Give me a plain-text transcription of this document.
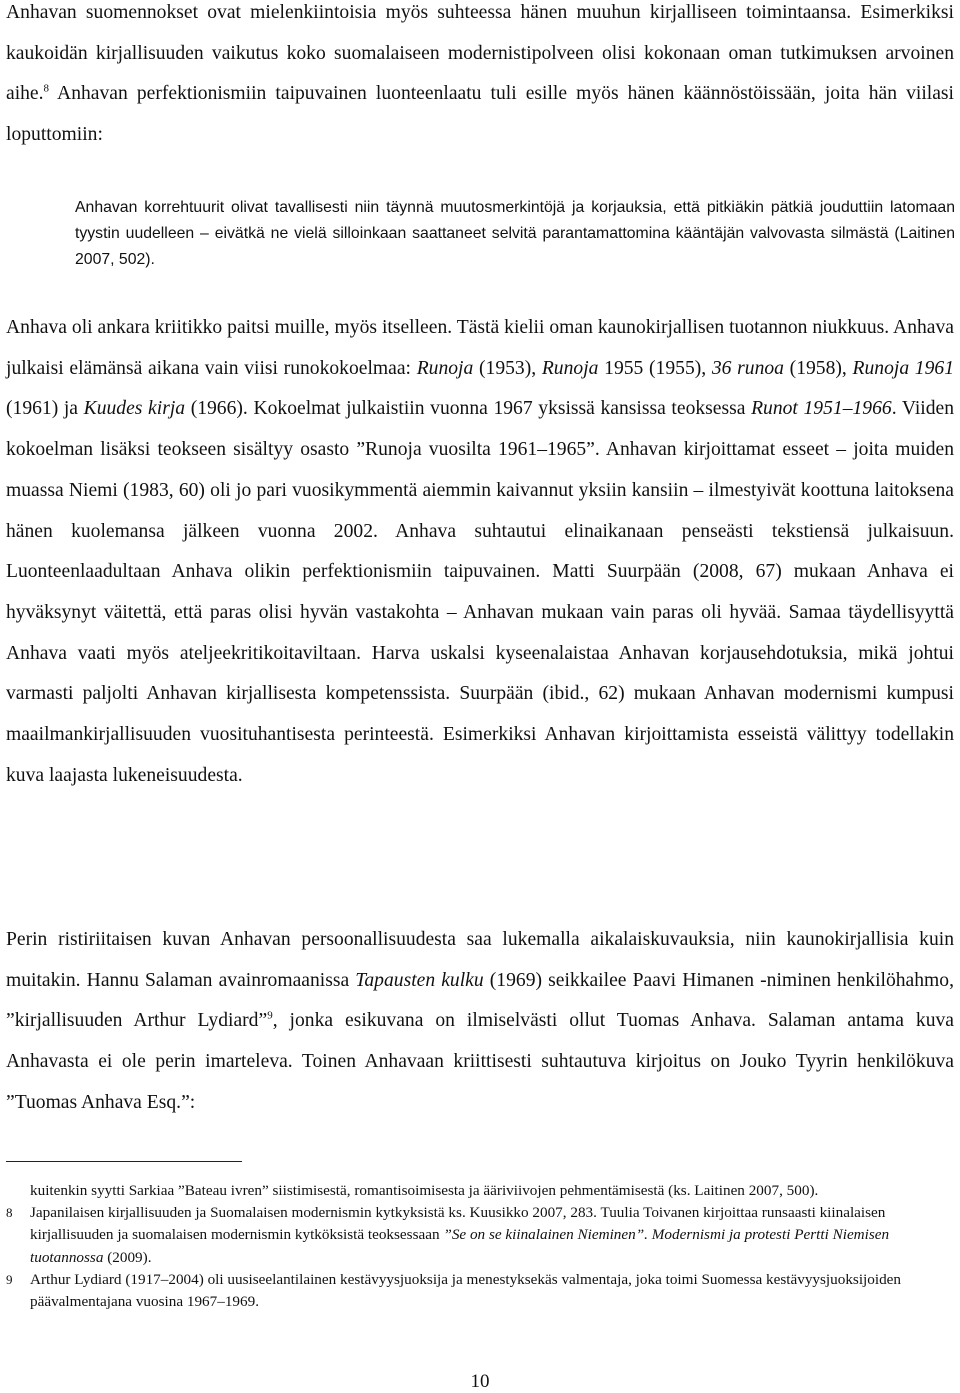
Anhavan suomennokset ovat mielenkiintoisia myös suhteessa hänen muuhun kirjalliseen toimintaansa. Esimerkiksi kaukoidän kirjallisuuden vaikutus koko suomalaiseen modernistipolveen olisi kokonaan oman tutkimuksen arvoinen aihe.$^8$ Anhavan perfektionismiin taipuvainen luonteenlaatu tuli esille myös hänen käännöstöissään, joita hän viilasi loputtomiin:

Anhavan korrehtuurit olivat tavallisesti niin täynnä muutosmerkintöjä ja korjauksia, että pitkiäkin pätkiä jouduttiin latomaan tyystin uudelleen – eivätkä ne vielä silloinkaan saattaneet selvitä parantamattomina kääntäjän valvovasta silmästä (Laitinen 2007, 502).

Anhava oli ankara kriitikko paitsi muille, myös itselleen. Tästä kielii oman kaunokirjallisen tuotannon niukkuus. Anhava julkaisi elämänsä aikana vain viisi runokokoelmaa: Runoja (1953), Runoja 1955 (1955), 36 runoa (1958), Runoja 1961 (1961) ja Kuudes kirja (1966). Kokoelmat julkaistiin vuonna 1967 yksissä kansissa teoksessa Runot 1951–1966. Viiden kokoelman lisäksi teokseen sisältyy osasto ”Runoja vuosilta 1961–1965”. Anhavan kirjoittamat esseet – joita muiden muassa Niemi (1983, 60) oli jo pari vuosikymmentä aiemmin kaivannut yksiin kansiin – ilmestyivät koottuna laitoksena hänen kuolemansa jälkeen vuonna 2002. Anhava suhtautui elinaikanaan penseästi tekstiensä julkaisuun. Luonteenlaadultaan Anhava olikin perfektionismiin taipuvainen. Matti Suurpään (2008, 67) mukaan Anhava ei hyväksynyt väitettä, että paras olisi hyvän vastakohta – Anhavan mukaan vain paras oli hyvää. Samaa täydellisyyttä Anhava vaati myös ateljeekritikoitaviltaan. Harva uskalsi kyseenalaistaa Anhavan korjausehdotuksia, mikä johtui varmasti paljolti Anhavan kirjallisesta kompetenssista. Suurpään (ibid., 62) mukaan Anhavan modernismi kumpusi maailmankirjallisuuden vuosituhantisesta perinteestä. Esimerkiksi Anhavan kirjoittamista esseistä välittyy todellakin kuva laajasta lukeneisuudesta.

Perin ristiriitaisen kuvan Anhavan persoonallisuudesta saa lukemalla aikalaiskuvauksia, niin kaunokirjallisia kuin muitakin. Hannu Salaman avainromaanissa Tapausten kulku (1969) seikkailee Paavi Himanen -niminen henkilöhahmo, ”kirjallisuuden Arthur Lydiard”$^9$, jonka esikuvana on ilmiselvästi ollut Tuomas Anhava. Salaman antama kuva Anhavasta ei ole perin imarteleva. Toinen Anhavaan kriittisesti suhtautuva kirjoitus on Jouko Tyyrin henkilökuva ”Tuomas Anhava Esq.”:

kuitenkin syytti Sarkiaa ”Bateau ivren” siistimisestä, romantisoimisesta ja ääriviivojen pehmentämisestä (ks. Laitinen 2007, 500).

8 Japanilaisen kirjallisuuden ja Suomalaisen modernismin kytkyksistä ks. Kuusikko 2007, 283. Tuulia Toivanen kirjoittaa runsaasti kiinalaisen kirjallisuuden ja suomalaisen modernismin kytköksistä teoksessaan ”Se on se kiinalainen Nieminen”. Modernismi ja protesti Pertti Niemisen tuotannossa (2009).

9 Arthur Lydiard (1917–2004) oli uusiseelantilainen kestävyysjuoksija ja menestyksekäs valmentaja, joka toimi Suomessa kestävyysjuoksijoiden päävalmentajana vuosina 1967–1969.

10
